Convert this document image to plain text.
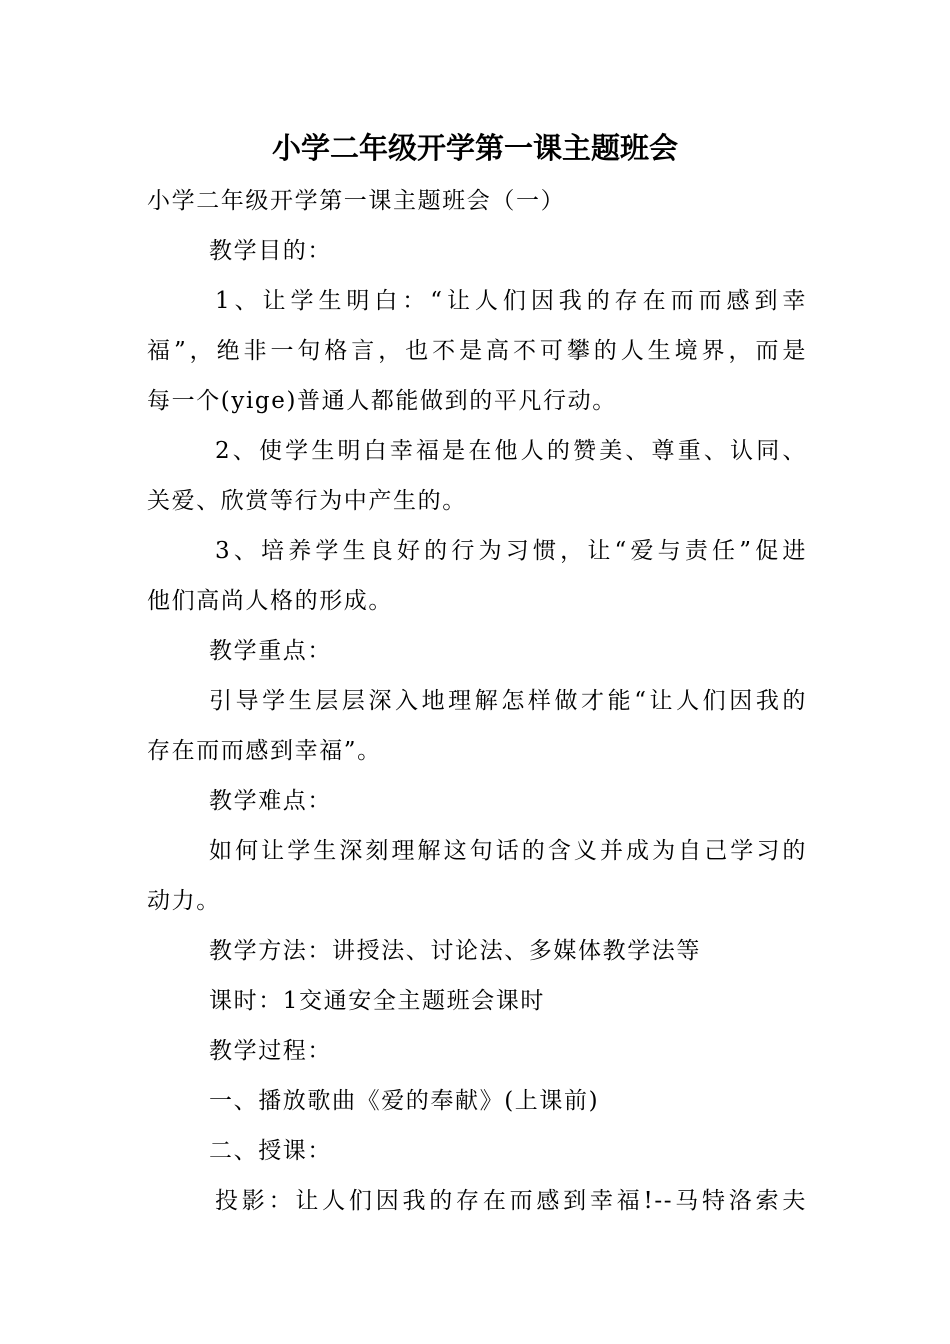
小学二年级开学第一课主题班会
小学二年级开学第一课主题班会（一）
教学目的：
1、让学生明白：“让人们因我的存在而而感到幸
福”，绝非一句格言，也不是高不可攀的人生境界，而是
每一个(yige)普通人都能做到的平凡行动。
2、使学生明白幸福是在他人的赞美、尊重、认同、
关爱、欣赏等行为中产生的。
3、培养学生良好的行为习惯，让“爱与责任”促进
他们高尚人格的形成。
教学重点：
引导学生层层深入地理解怎样做才能“让人们因我的
存在而而感到幸福”。
教学难点：
如何让学生深刻理解这句话的含义并成为自己学习的
动力。
教学方法：讲授法、讨论法、多媒体教学法等
课时：1交通安全主题班会课时
教学过程：
一、播放歌曲《爱的奉献》(上课前)
二、授课：
投影：让人们因我的存在而感到幸福!--马特洛索夫
